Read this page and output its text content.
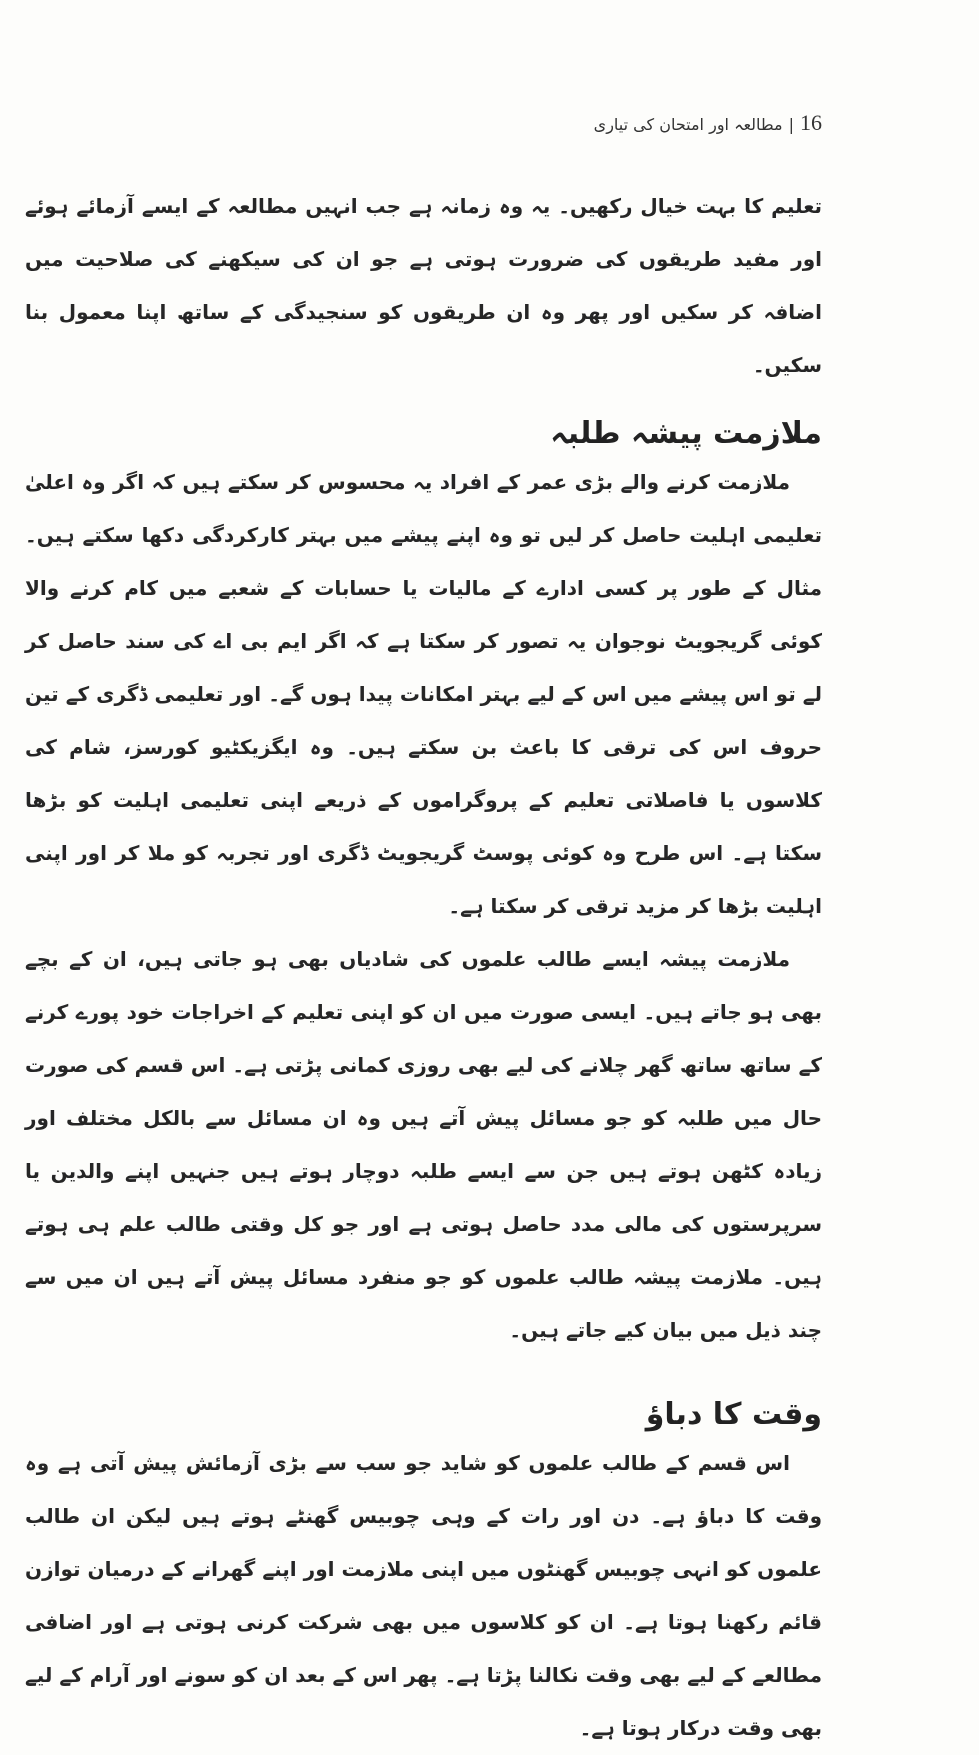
16|مطالعہ اور امتحان کی تیاری

تعلیم کا بہت خیال رکھیں۔ یہ وہ زمانہ ہے جب انہیں مطالعہ کے ایسے آزمائے ہوئے اور مفید طریقوں کی ضرورت ہوتی ہے جو ان کی سیکھنے کی صلاحیت میں اضافہ کر سکیں اور پھر وہ ان طریقوں کو سنجیدگی کے ساتھ اپنا معمول بنا سکیں۔

ملازمت پیشہ طلبہ

ملازمت کرنے والے بڑی عمر کے افراد یہ محسوس کر سکتے ہیں کہ اگر وہ اعلیٰ تعلیمی اہلیت حاصل کر لیں تو وہ اپنے پیشے میں بہتر کارکردگی دکھا سکتے ہیں۔ مثال کے طور پر کسی ادارے کے مالیات یا حسابات کے شعبے میں کام کرنے والا کوئی گریجویٹ نوجوان یہ تصور کر سکتا ہے کہ اگر ایم بی اے کی سند حاصل کر لے تو اس پیشے میں اس کے لیے بہتر امکانات پیدا ہوں گے۔ اور تعلیمی ڈگری کے تین حروف اس کی ترقی کا باعث بن سکتے ہیں۔ وہ ایگزیکٹیو کورسز، شام کی کلاسوں یا فاصلاتی تعلیم کے پروگراموں کے ذریعے اپنی تعلیمی اہلیت کو بڑھا سکتا ہے۔ اس طرح وہ کوئی پوسٹ گریجویٹ ڈگری اور تجربہ کو ملا کر اور اپنی اہلیت بڑھا کر مزید ترقی کر سکتا ہے۔

ملازمت پیشہ ایسے طالب علموں کی شادیاں بھی ہو جاتی ہیں، ان کے بچے بھی ہو جاتے ہیں۔ ایسی صورت میں ان کو اپنی تعلیم کے اخراجات خود پورے کرنے کے ساتھ ساتھ گھر چلانے کی لیے بھی روزی کمانی پڑتی ہے۔ اس قسم کی صورت حال میں طلبہ کو جو مسائل پیش آتے ہیں وہ ان مسائل سے بالکل مختلف اور زیادہ کٹھن ہوتے ہیں جن سے ایسے طلبہ دوچار ہوتے ہیں جنہیں اپنے والدین یا سرپرستوں کی مالی مدد حاصل ہوتی ہے اور جو کل وقتی طالب علم ہی ہوتے ہیں۔ ملازمت پیشہ طالب علموں کو جو منفرد مسائل پیش آتے ہیں ان میں سے چند ذیل میں بیان کیے جاتے ہیں۔

وقت کا دباؤ

اس قسم کے طالب علموں کو شاید جو سب سے بڑی آزمائش پیش آتی ہے وہ وقت کا دباؤ ہے۔ دن اور رات کے وہی چوبیس گھنٹے ہوتے ہیں لیکن ان طالب علموں کو انہی چوبیس گھنٹوں میں اپنی ملازمت اور اپنے گھرانے کے درمیان توازن قائم رکھنا ہوتا ہے۔ ان کو کلاسوں میں بھی شرکت کرنی ہوتی ہے اور اضافی مطالعے کے لیے بھی وقت نکالنا پڑتا ہے۔ پھر اس کے بعد ان کو سونے اور آرام کے لیے بھی وقت درکار ہوتا ہے۔
